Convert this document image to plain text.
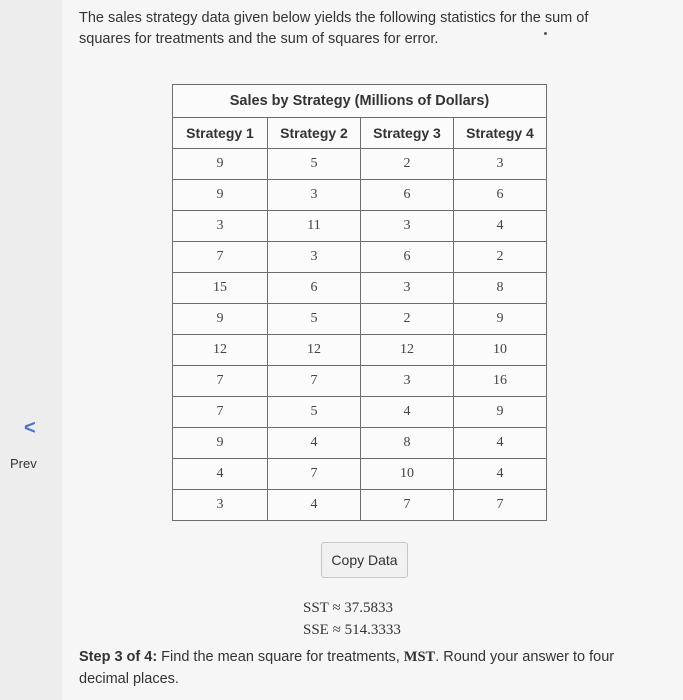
The sales strategy data given below yields the following statistics for the sum of squares for treatments and the sum of squares for error.
<
Prev
Sales by Strategy (Millions of Dollars)			
Strategy 1	Strategy 2	Strategy 3	Strategy 4
9	5	2	3
9	3	6	6
3	11	3	4
7	3	6	2
15	6	3	8
9	5	2	9
12	12	12	10
7	7	3	16
7	5	4	9
9	4	8	4
4	7	10	4
3	4	7	7
Copy Data
SST ≈ 37.5833
SSE ≈ 514.3333
Step 3 of 4: Find the mean square for treatments, MST. Round your answer to four decimal places.
